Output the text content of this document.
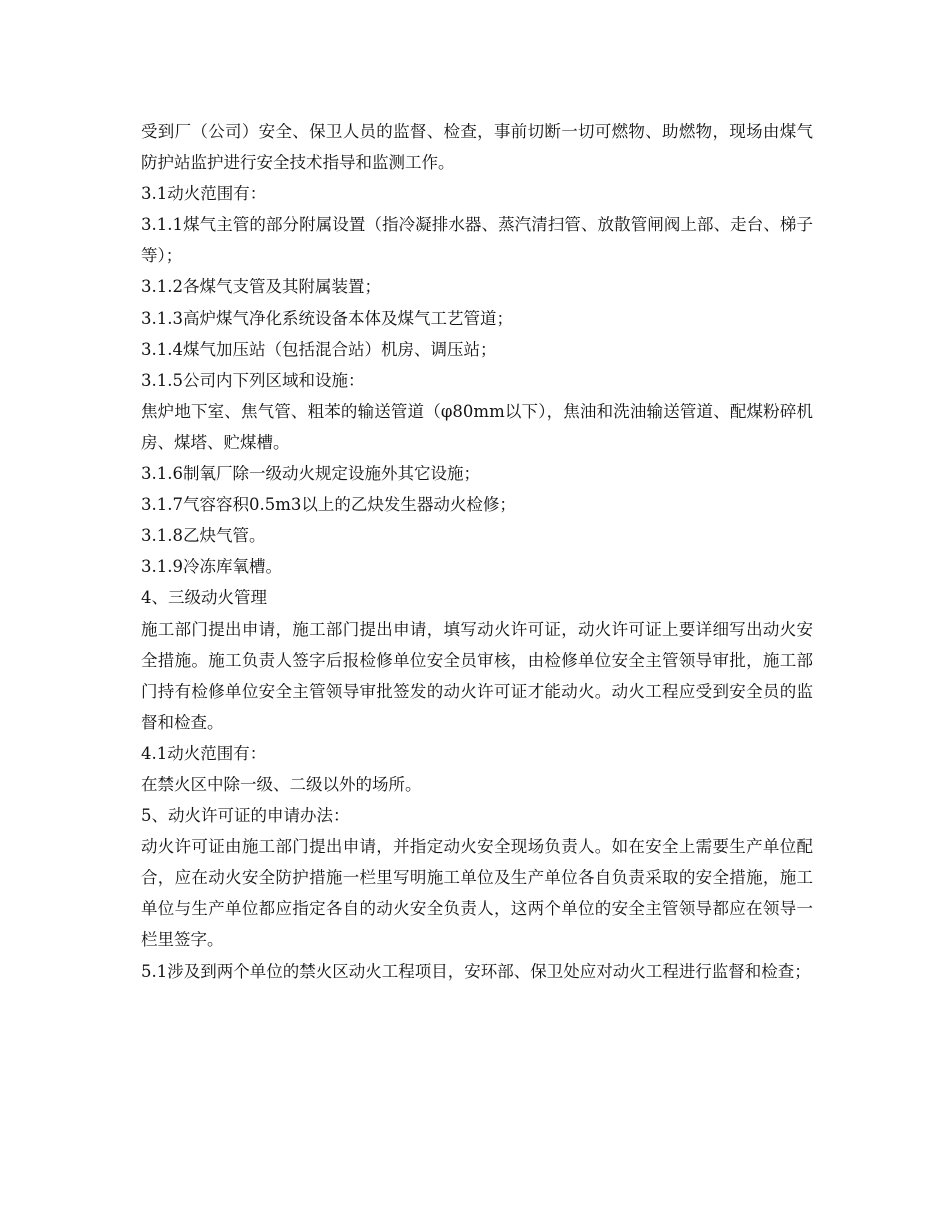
受到厂（公司）安全、保卫人员的监督、检查，事前切断一切可燃物、助燃物，现场由煤气防护站监护进行安全技术指导和监测工作。

3.1动火范围有：

3.1.1煤气主管的部分附属设置（指冷凝排水器、蒸汽清扫管、放散管闸阀上部、走台、梯子等）；

3.1.2各煤气支管及其附属装置；

3.1.3高炉煤气净化系统设备本体及煤气工艺管道；

3.1.4煤气加压站（包括混合站）机房、调压站；

3.1.5公司内下列区域和设施：

焦炉地下室、焦气管、粗苯的输送管道（φ80mm以下），焦油和洗油输送管道、配煤粉碎机房、煤塔、贮煤槽。

3.1.6制氧厂除一级动火规定设施外其它设施；

3.1.7气容容积0.5m3以上的乙炔发生器动火检修；

3.1.8乙炔气管。

3.1.9冷冻库氧槽。

4、三级动火管理

施工部门提出申请，施工部门提出申请，填写动火许可证，动火许可证上要详细写出动火安全措施。施工负责人签字后报检修单位安全员审核，由检修单位安全主管领导审批，施工部门持有检修单位安全主管领导审批签发的动火许可证才能动火。动火工程应受到安全员的监督和检查。

4.1动火范围有：

在禁火区中除一级、二级以外的场所。

5、动火许可证的申请办法：

动火许可证由施工部门提出申请，并指定动火安全现场负责人。如在安全上需要生产单位配合，应在动火安全防护措施一栏里写明施工单位及生产单位各自负责采取的安全措施，施工单位与生产单位都应指定各自的动火安全负责人，这两个单位的安全主管领导都应在领导一栏里签字。

5.1涉及到两个单位的禁火区动火工程项目，安环部、保卫处应对动火工程进行监督和检查；
